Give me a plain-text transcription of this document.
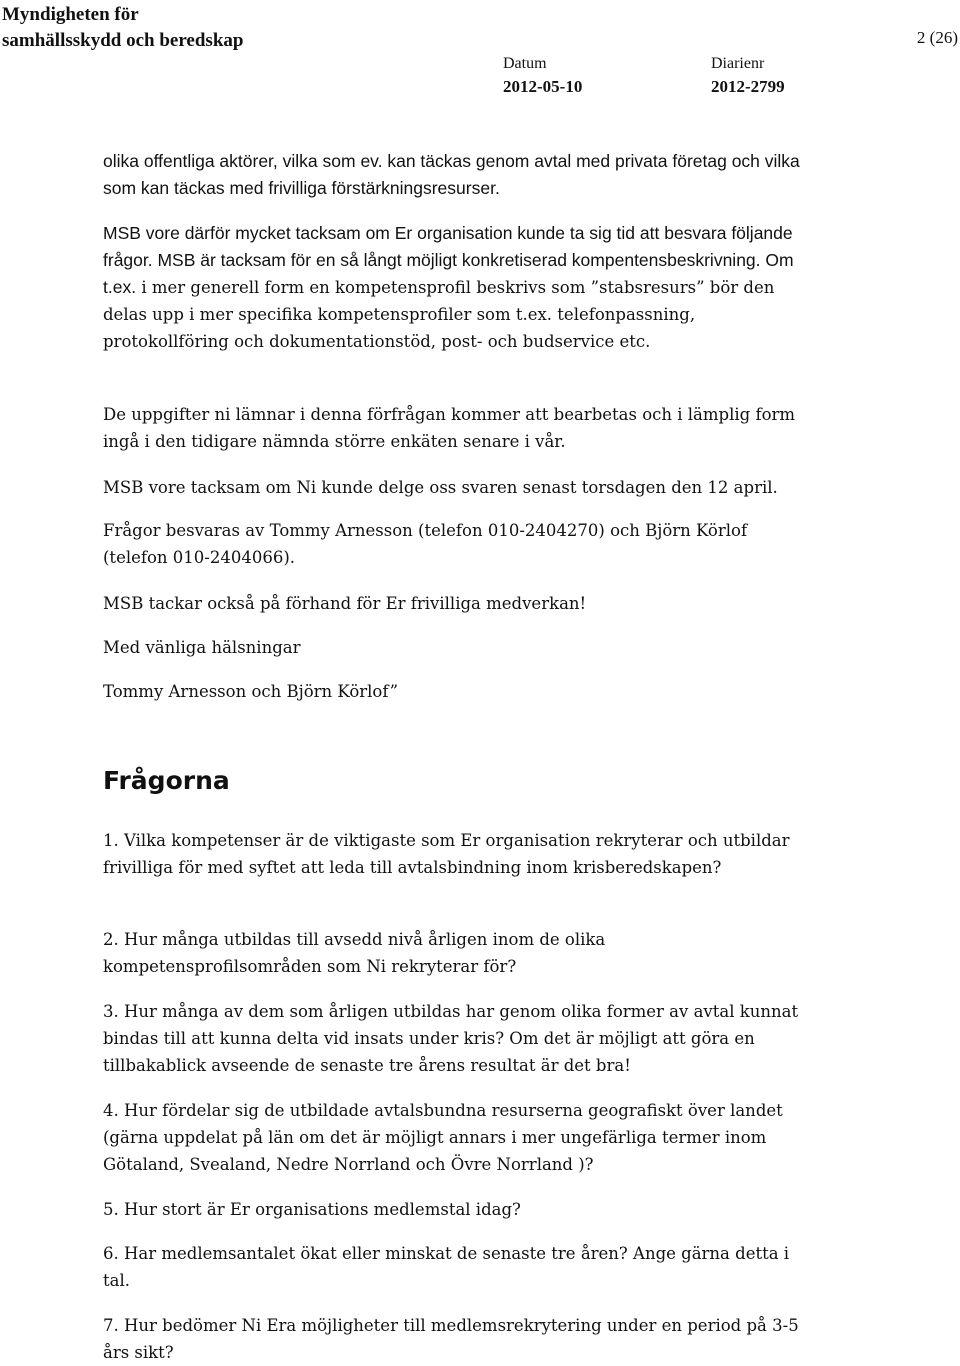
Myndigheten för
samhällsskydd och beredskap	2 (26)
Datum
2012-05-10
Diarienr
2012-2799

olika offentliga aktörer, vilka som ev. kan täckas genom avtal med privata företag och vilka som kan täckas med frivilliga förstärkningsresurser.

MSB vore därför mycket tacksam om Er organisation kunde ta sig tid att besvara följande frågor. MSB är tacksam för en så långt möjligt konkretiserad kompentensbeskrivning. Om t.ex. i mer generell form en kompetensprofil beskrivs som ”stabsresurs” bör den delas upp i mer specifika kompetensprofiler som t.ex. telefonpassning, protokollföring och dokumentationstöd, post- och budservice etc.

De uppgifter ni lämnar i denna förfrågan kommer att bearbetas och i lämplig form ingå i den tidigare nämnda större enkäten senare i vår.

MSB vore tacksam om Ni kunde delge oss svaren senast torsdagen den 12 april.

Frågor besvaras av Tommy Arnesson (telefon 010-2404270) och Björn Körlof (telefon 010-2404066).

MSB tackar också på förhand för Er frivilliga medverkan!

Med vänliga hälsningar

Tommy Arnesson och Björn Körlof”

Frågorna

1. Vilka kompetenser är de viktigaste som Er organisation rekryterar och utbildar frivilliga för med syftet att leda till avtalsbindning inom krisberedskapen?

2. Hur många utbildas till avsedd nivå årligen inom de olika kompetensprofilsområden som Ni rekryterar för?

3. Hur många av dem som årligen utbildas har genom olika former av avtal kunnat bindas till att kunna delta vid insats under kris? Om det är möjligt att göra en tillbakablick avseende de senaste tre årens resultat är det bra!

4. Hur fördelar sig de utbildade avtalsbundna resurserna geografiskt över landet (gärna uppdelat på län om det är möjligt annars i mer ungefärliga termer inom Götaland, Svealand, Nedre Norrland och Övre Norrland )?

5. Hur stort är Er organisations medlemstal idag?

6. Har medlemsantalet ökat eller minskat de senaste tre åren? Ange gärna detta i tal.

7. Hur bedömer Ni Era möjligheter till medlemsrekrytering under en period på 3-5 års sikt?
